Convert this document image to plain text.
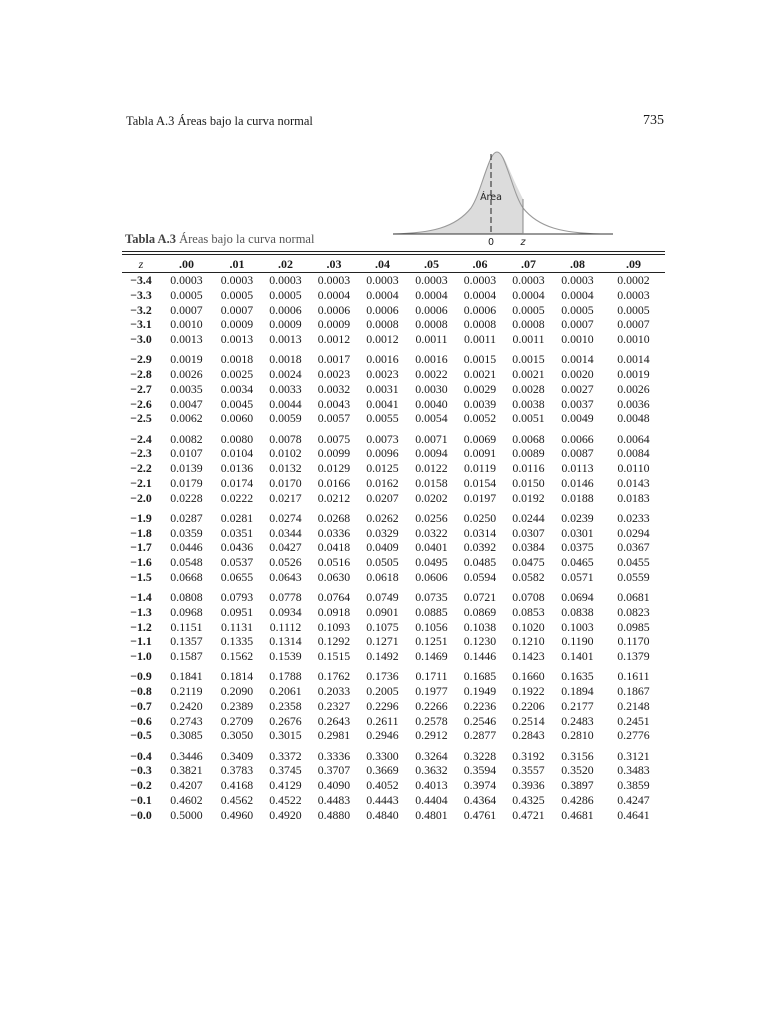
Tabla A.3 Áreas bajo la curva normal	735
Área
0	z
Tabla A.3 Áreas bajo la curva normal
z	.00	.01	.02	.03	.04	.05	.06	.07	.08	.09
−3.4	0.0003	0.0003	0.0003	0.0003	0.0003	0.0003	0.0003	0.0003	0.0003	0.0002
−3.3	0.0005	0.0005	0.0005	0.0004	0.0004	0.0004	0.0004	0.0004	0.0004	0.0003
−3.2	0.0007	0.0007	0.0006	0.0006	0.0006	0.0006	0.0006	0.0005	0.0005	0.0005
−3.1	0.0010	0.0009	0.0009	0.0009	0.0008	0.0008	0.0008	0.0008	0.0007	0.0007
−3.0	0.0013	0.0013	0.0013	0.0012	0.0012	0.0011	0.0011	0.0011	0.0010	0.0010

−2.9	0.0019	0.0018	0.0018	0.0017	0.0016	0.0016	0.0015	0.0015	0.0014	0.0014
−2.8	0.0026	0.0025	0.0024	0.0023	0.0023	0.0022	0.0021	0.0021	0.0020	0.0019
−2.7	0.0035	0.0034	0.0033	0.0032	0.0031	0.0030	0.0029	0.0028	0.0027	0.0026
−2.6	0.0047	0.0045	0.0044	0.0043	0.0041	0.0040	0.0039	0.0038	0.0037	0.0036
−2.5	0.0062	0.0060	0.0059	0.0057	0.0055	0.0054	0.0052	0.0051	0.0049	0.0048

−2.4	0.0082	0.0080	0.0078	0.0075	0.0073	0.0071	0.0069	0.0068	0.0066	0.0064
−2.3	0.0107	0.0104	0.0102	0.0099	0.0096	0.0094	0.0091	0.0089	0.0087	0.0084
−2.2	0.0139	0.0136	0.0132	0.0129	0.0125	0.0122	0.0119	0.0116	0.0113	0.0110
−2.1	0.0179	0.0174	0.0170	0.0166	0.0162	0.0158	0.0154	0.0150	0.0146	0.0143
−2.0	0.0228	0.0222	0.0217	0.0212	0.0207	0.0202	0.0197	0.0192	0.0188	0.0183

−1.9	0.0287	0.0281	0.0274	0.0268	0.0262	0.0256	0.0250	0.0244	0.0239	0.0233
−1.8	0.0359	0.0351	0.0344	0.0336	0.0329	0.0322	0.0314	0.0307	0.0301	0.0294
−1.7	0.0446	0.0436	0.0427	0.0418	0.0409	0.0401	0.0392	0.0384	0.0375	0.0367
−1.6	0.0548	0.0537	0.0526	0.0516	0.0505	0.0495	0.0485	0.0475	0.0465	0.0455
−1.5	0.0668	0.0655	0.0643	0.0630	0.0618	0.0606	0.0594	0.0582	0.0571	0.0559

−1.4	0.0808	0.0793	0.0778	0.0764	0.0749	0.0735	0.0721	0.0708	0.0694	0.0681
−1.3	0.0968	0.0951	0.0934	0.0918	0.0901	0.0885	0.0869	0.0853	0.0838	0.0823
−1.2	0.1151	0.1131	0.1112	0.1093	0.1075	0.1056	0.1038	0.1020	0.1003	0.0985
−1.1	0.1357	0.1335	0.1314	0.1292	0.1271	0.1251	0.1230	0.1210	0.1190	0.1170
−1.0	0.1587	0.1562	0.1539	0.1515	0.1492	0.1469	0.1446	0.1423	0.1401	0.1379

−0.9	0.1841	0.1814	0.1788	0.1762	0.1736	0.1711	0.1685	0.1660	0.1635	0.1611
−0.8	0.2119	0.2090	0.2061	0.2033	0.2005	0.1977	0.1949	0.1922	0.1894	0.1867
−0.7	0.2420	0.2389	0.2358	0.2327	0.2296	0.2266	0.2236	0.2206	0.2177	0.2148
−0.6	0.2743	0.2709	0.2676	0.2643	0.2611	0.2578	0.2546	0.2514	0.2483	0.2451
−0.5	0.3085	0.3050	0.3015	0.2981	0.2946	0.2912	0.2877	0.2843	0.2810	0.2776

−0.4	0.3446	0.3409	0.3372	0.3336	0.3300	0.3264	0.3228	0.3192	0.3156	0.3121
−0.3	0.3821	0.3783	0.3745	0.3707	0.3669	0.3632	0.3594	0.3557	0.3520	0.3483
−0.2	0.4207	0.4168	0.4129	0.4090	0.4052	0.4013	0.3974	0.3936	0.3897	0.3859
−0.1	0.4602	0.4562	0.4522	0.4483	0.4443	0.4404	0.4364	0.4325	0.4286	0.4247
−0.0	0.5000	0.4960	0.4920	0.4880	0.4840	0.4801	0.4761	0.4721	0.4681	0.4641
